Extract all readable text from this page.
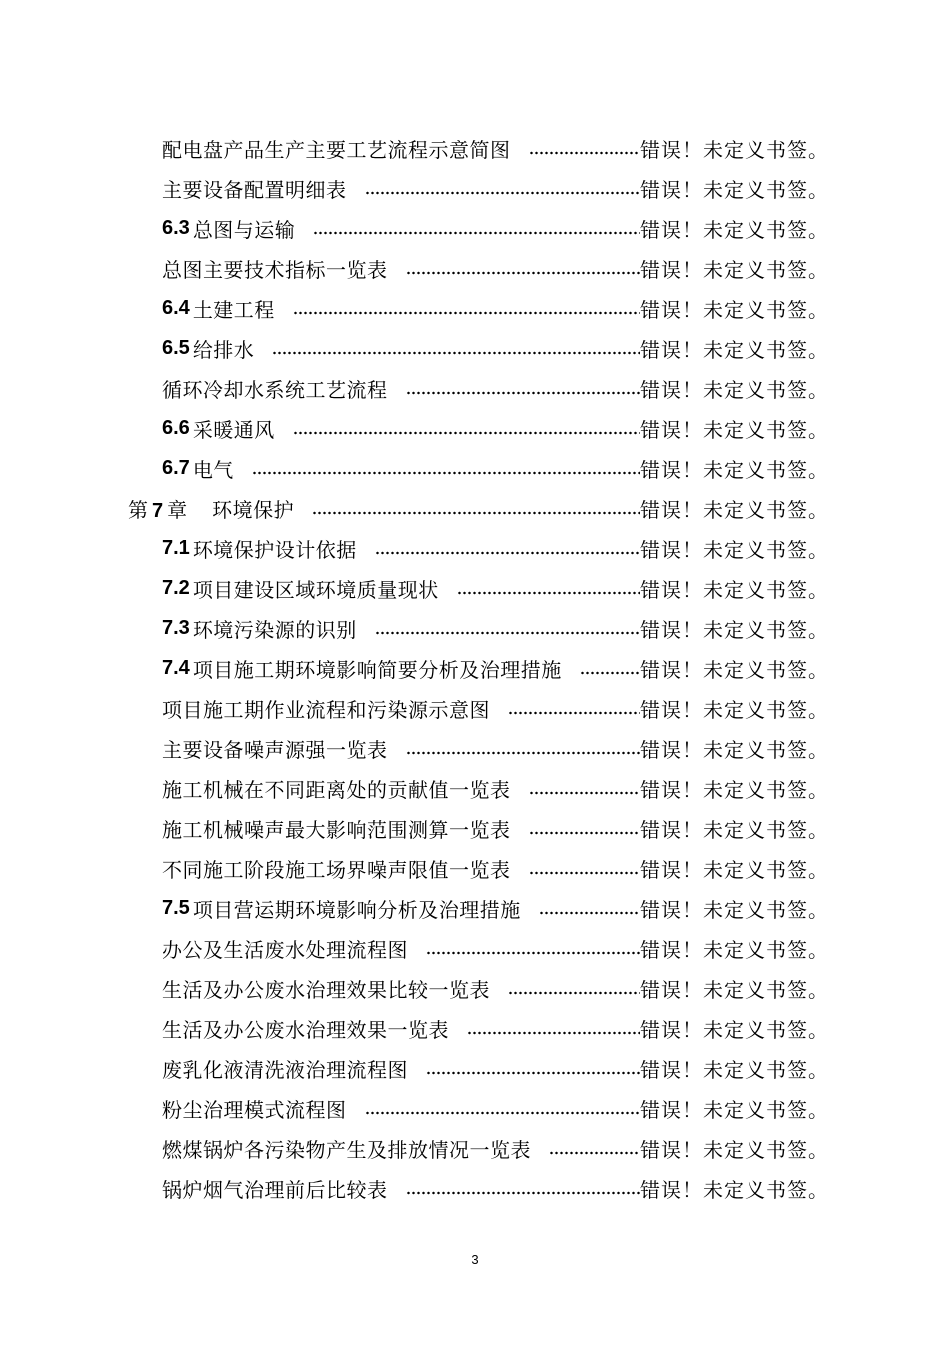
配电盘产品生产主要工艺流程示意简图	错误！未定义书签。
主要设备配置明细表	错误！未定义书签。
6.3 总图与运输	错误！未定义书签。
总图主要技术指标一览表	错误！未定义书签。
6.4 土建工程	错误！未定义书签。
6.5 给排水	错误！未定义书签。
循环冷却水系统工艺流程	错误！未定义书签。
6.6 采暖通风	错误！未定义书签。
6.7 电气	错误！未定义书签。
第 7 章 环境保护	错误！未定义书签。
7.1 环境保护设计依据	错误！未定义书签。
7.2 项目建设区域环境质量现状	错误！未定义书签。
7.3 环境污染源的识别	错误！未定义书签。
7.4 项目施工期环境影响简要分析及治理措施	错误！未定义书签。
项目施工期作业流程和污染源示意图	错误！未定义书签。
主要设备噪声源强一览表	错误！未定义书签。
施工机械在不同距离处的贡献值一览表	错误！未定义书签。
施工机械噪声最大影响范围测算一览表	错误！未定义书签。
不同施工阶段施工场界噪声限值一览表	错误！未定义书签。
7.5 项目营运期环境影响分析及治理措施	错误！未定义书签。
办公及生活废水处理流程图	错误！未定义书签。
生活及办公废水治理效果比较一览表	错误！未定义书签。
生活及办公废水治理效果一览表	错误！未定义书签。
废乳化液清洗液治理流程图	错误！未定义书签。
粉尘治理模式流程图	错误！未定义书签。
燃煤锅炉各污染物产生及排放情况一览表	错误！未定义书签。
锅炉烟气治理前后比较表	错误！未定义书签。
3
